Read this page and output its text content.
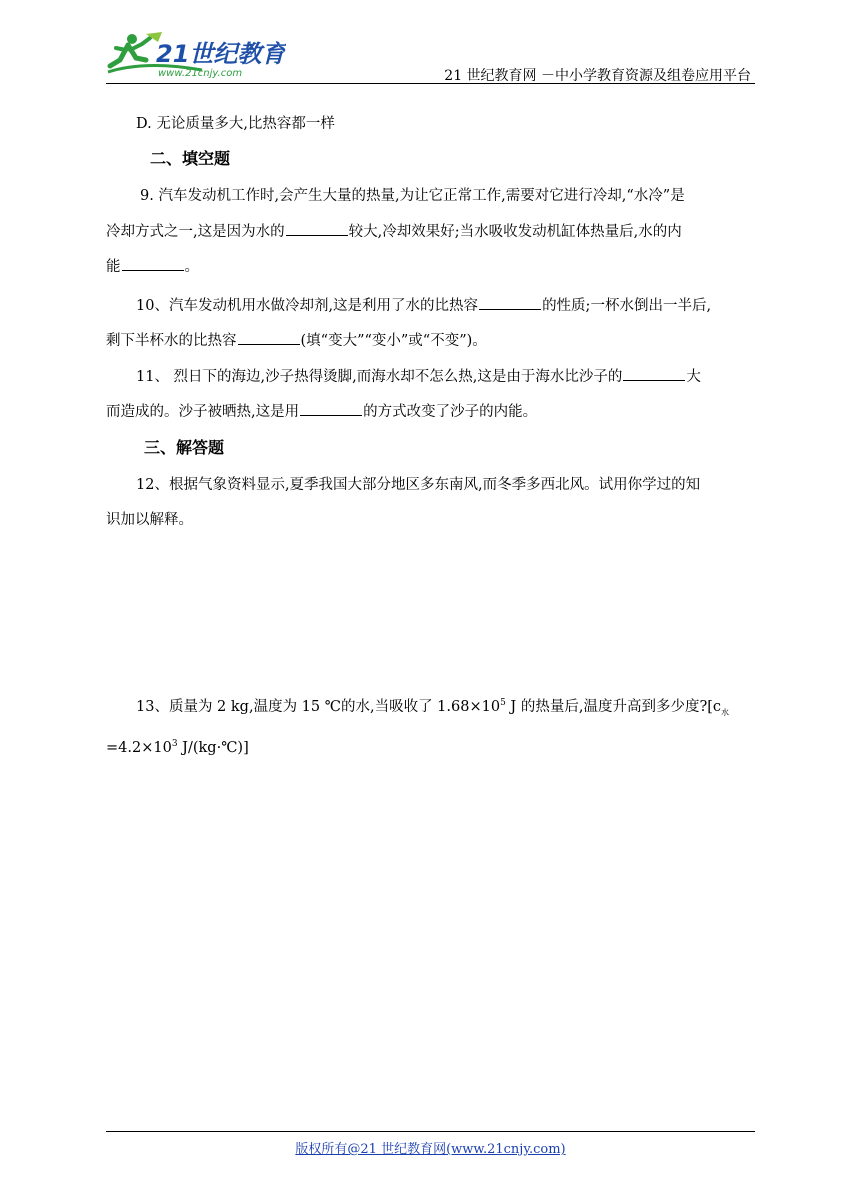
21世纪教育
www.21cnjy.com	21 世纪教育网 －中小学教育资源及组卷应用平台
D. 无论质量多大,比热容都一样
二、填空题
9. 汽车发动机工作时,会产生大量的热量,为让它正常工作,需要对它进行冷却,“水冷”是
冷却方式之一,这是因为水的	较大,冷却效果好;当水吸收发动机缸体热量后,水的内
能	。
10、汽车发动机用水做冷却剂,这是利用了水的比热容	的性质;一杯水倒出一半后,
剩下半杯水的比热容	(填“变大”“变小”或“不变”)。
11、 烈日下的海边,沙子热得烫脚,而海水却不怎么热,这是由于海水比沙子的	大
而造成的。沙子被晒热,这是用	的方式改变了沙子的内能。
三、解答题
12、根据气象资料显示,夏季我国大部分地区多东南风,而冬季多西北风。试用你学过的知
识加以解释。
13、质量为 2 kg,温度为 15 ℃的水,当吸收了 $1.68\times 10^5$ J 的热量后,温度升高到多少度$?[c_水$
$=4.2\times 10^3$ J/(kg·℃)]
版权所有@21 世纪教育网(www.21cnjy.com)
